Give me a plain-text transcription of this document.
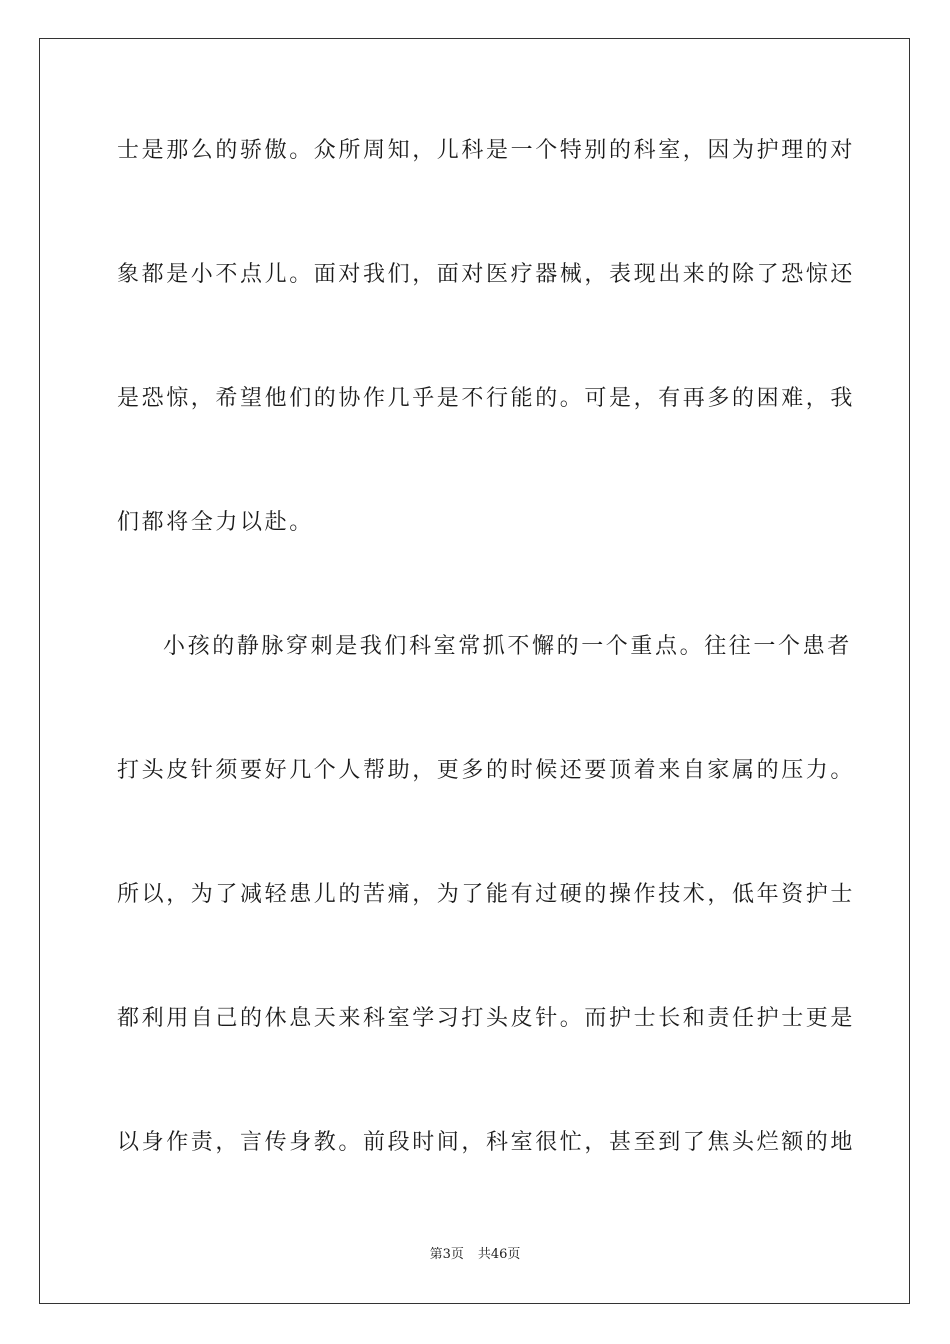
士是那么的骄傲。众所周知，儿科是一个特别的科室，因为护理的对
象都是小不点儿。面对我们，面对医疗器械，表现出来的除了恐惊还
是恐惊，希望他们的协作几乎是不行能的。可是，有再多的困难，我
们都将全力以赴。
小孩的静脉穿刺是我们科室常抓不懈的一个重点。往往一个患者
打头皮针须要好几个人帮助，更多的时候还要顶着来自家属的压力。
所以，为了减轻患儿的苦痛，为了能有过硬的操作技术，低年资护士
都利用自己的休息天来科室学习打头皮针。而护士长和责任护士更是
以身作责，言传身教。前段时间，科室很忙，甚至到了焦头烂额的地
第3页 共46页
